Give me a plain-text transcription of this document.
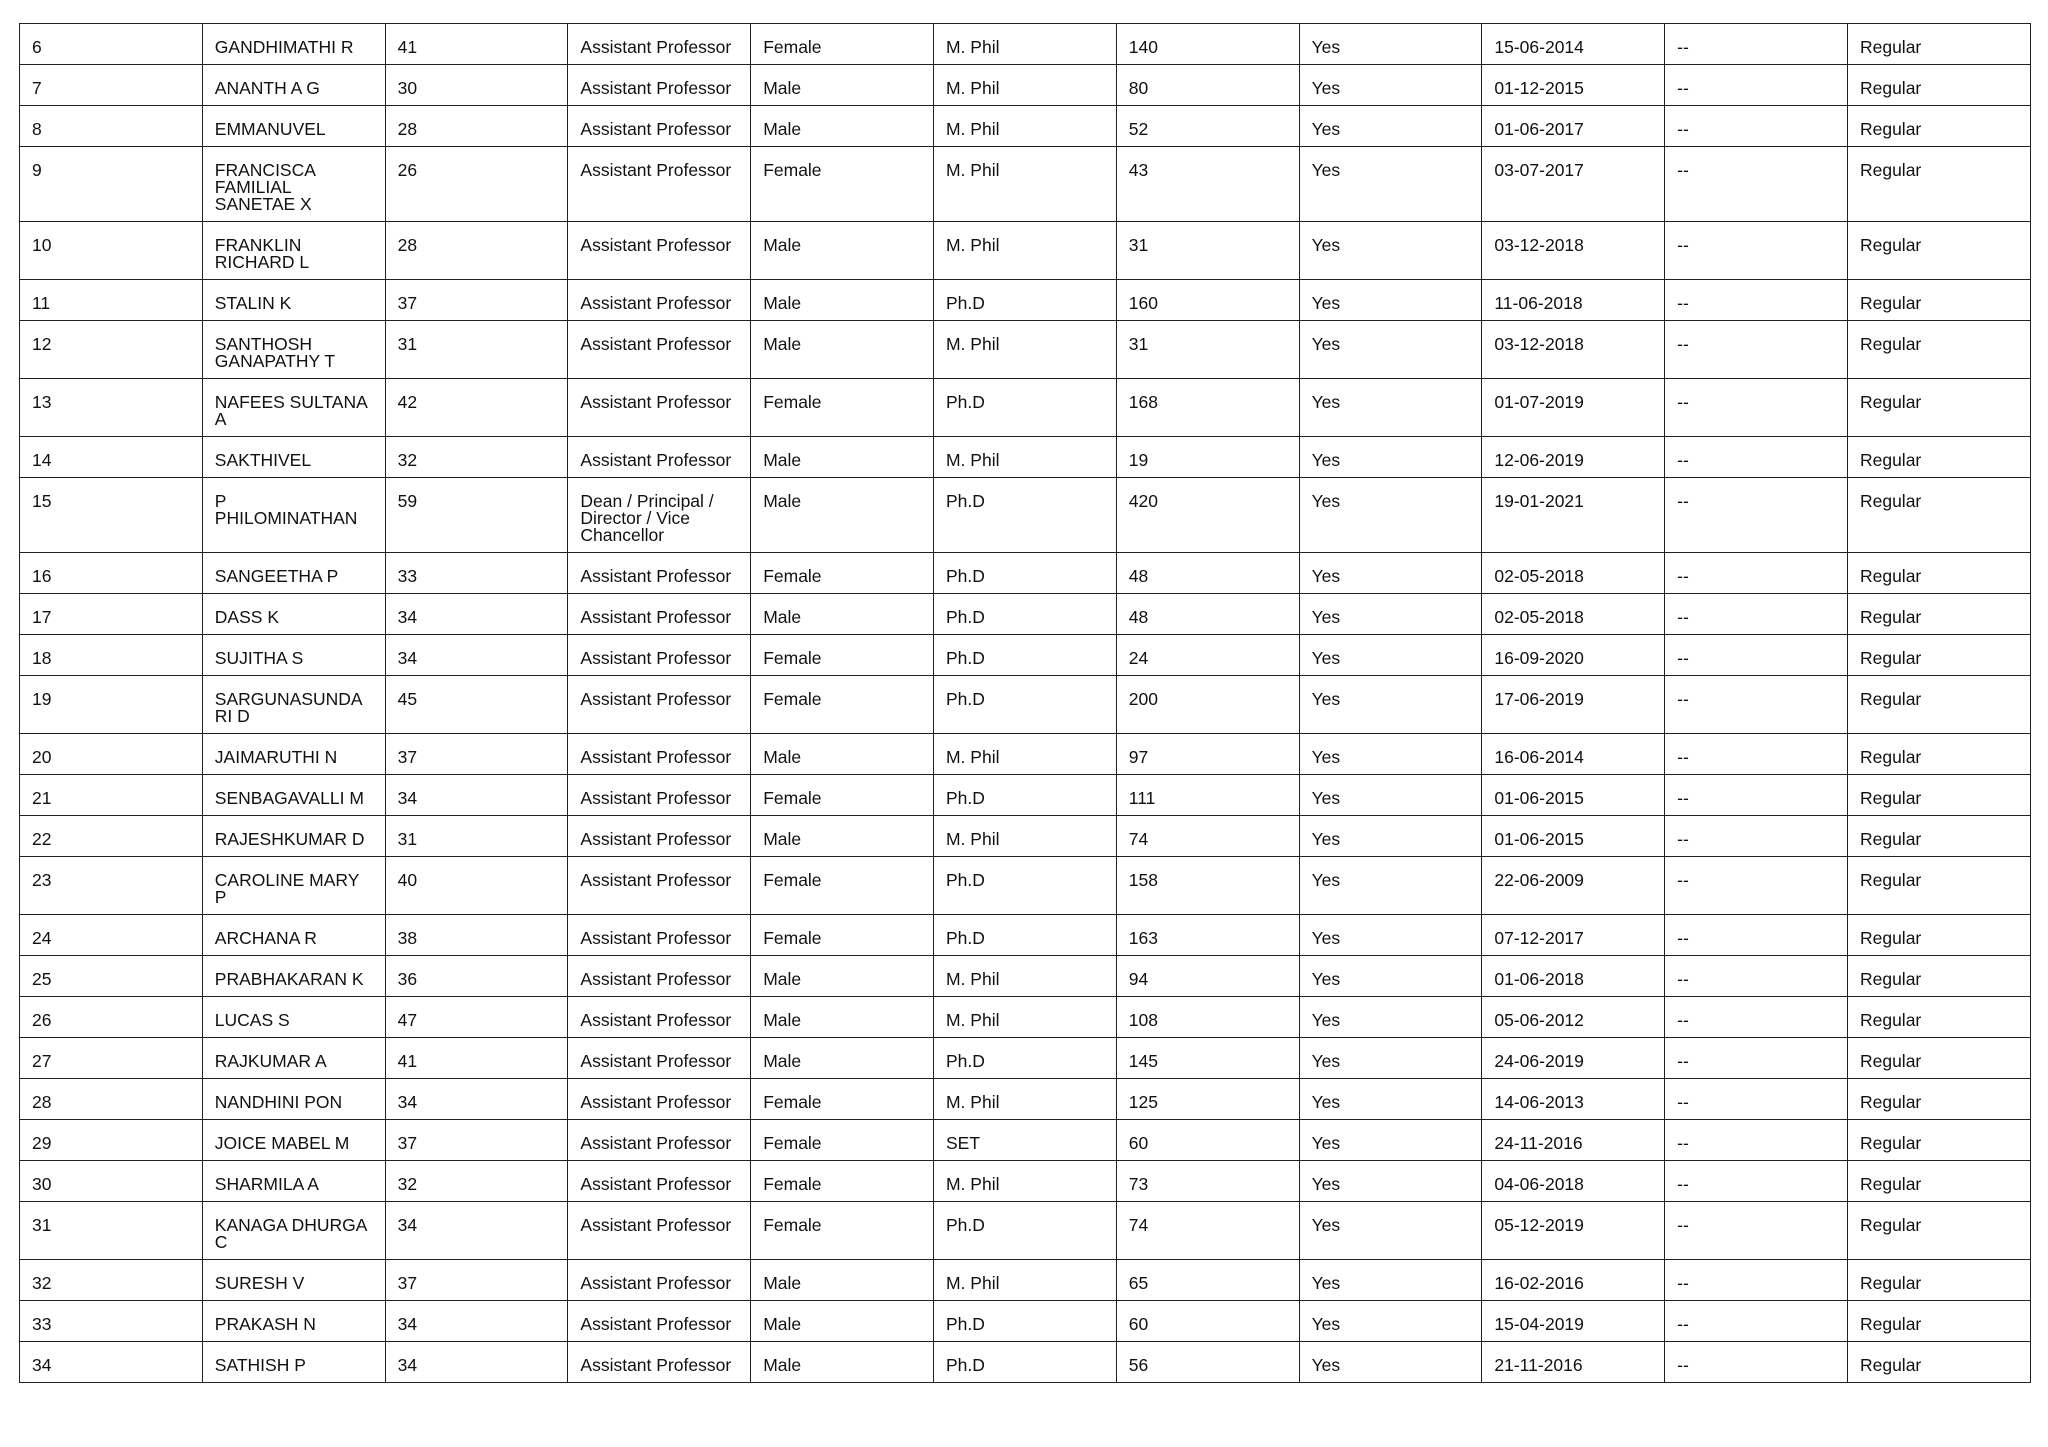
6	GANDHIMATHI R	41	Assistant Professor	Female	M. Phil	140	Yes	15-06-2014	--	Regular

7	ANANTH A G	30	Assistant Professor	Male	M. Phil	80	Yes	01-12-2015	--	Regular

8	EMMANUVEL	28	Assistant Professor	Male	M. Phil	52	Yes	01-06-2017	--	Regular

9	FRANCISCA FAMILIAL SANETAE X	26	Assistant Professor	Female	M. Phil	43	Yes	03-07-2017	--	Regular

10	FRANKLIN RICHARD L	28	Assistant Professor	Male	M. Phil	31	Yes	03-12-2018	--	Regular

11	STALIN K	37	Assistant Professor	Male	Ph.D	160	Yes	11-06-2018	--	Regular

12	SANTHOSH GANAPATHY T	31	Assistant Professor	Male	M. Phil	31	Yes	03-12-2018	--	Regular

13	NAFEES SULTANA A	42	Assistant Professor	Female	Ph.D	168	Yes	01-07-2019	--	Regular

14	SAKTHIVEL	32	Assistant Professor	Male	M. Phil	19	Yes	12-06-2019	--	Regular

15	P PHILOMINATHAN	59	Dean / Principal / Director / Vice Chancellor	Male	Ph.D	420	Yes	19-01-2021	--	Regular

16	SANGEETHA P	33	Assistant Professor	Female	Ph.D	48	Yes	02-05-2018	--	Regular

17	DASS K	34	Assistant Professor	Male	Ph.D	48	Yes	02-05-2018	--	Regular

18	SUJITHA S	34	Assistant Professor	Female	Ph.D	24	Yes	16-09-2020	--	Regular

19	SARGUNASUNDARI D	45	Assistant Professor	Female	Ph.D	200	Yes	17-06-2019	--	Regular

20	JAIMARUTHI N	37	Assistant Professor	Male	M. Phil	97	Yes	16-06-2014	--	Regular

21	SENBAGAVALLI M	34	Assistant Professor	Female	Ph.D	111	Yes	01-06-2015	--	Regular

22	RAJESHKUMAR D	31	Assistant Professor	Male	M. Phil	74	Yes	01-06-2015	--	Regular

23	CAROLINE MARY P	40	Assistant Professor	Female	Ph.D	158	Yes	22-06-2009	--	Regular

24	ARCHANA R	38	Assistant Professor	Female	Ph.D	163	Yes	07-12-2017	--	Regular

25	PRABHAKARAN K	36	Assistant Professor	Male	M. Phil	94	Yes	01-06-2018	--	Regular

26	LUCAS S	47	Assistant Professor	Male	M. Phil	108	Yes	05-06-2012	--	Regular

27	RAJKUMAR A	41	Assistant Professor	Male	Ph.D	145	Yes	24-06-2019	--	Regular

28	NANDHINI PON	34	Assistant Professor	Female	M. Phil	125	Yes	14-06-2013	--	Regular

29	JOICE MABEL M	37	Assistant Professor	Female	SET	60	Yes	24-11-2016	--	Regular

30	SHARMILA A	32	Assistant Professor	Female	M. Phil	73	Yes	04-06-2018	--	Regular

31	KANAGA DHURGA C	34	Assistant Professor	Female	Ph.D	74	Yes	05-12-2019	--	Regular

32	SURESH V	37	Assistant Professor	Male	M. Phil	65	Yes	16-02-2016	--	Regular

33	PRAKASH N	34	Assistant Professor	Male	Ph.D	60	Yes	15-04-2019	--	Regular

34	SATHISH P	34	Assistant Professor	Male	Ph.D	56	Yes	21-11-2016	--	Regular
